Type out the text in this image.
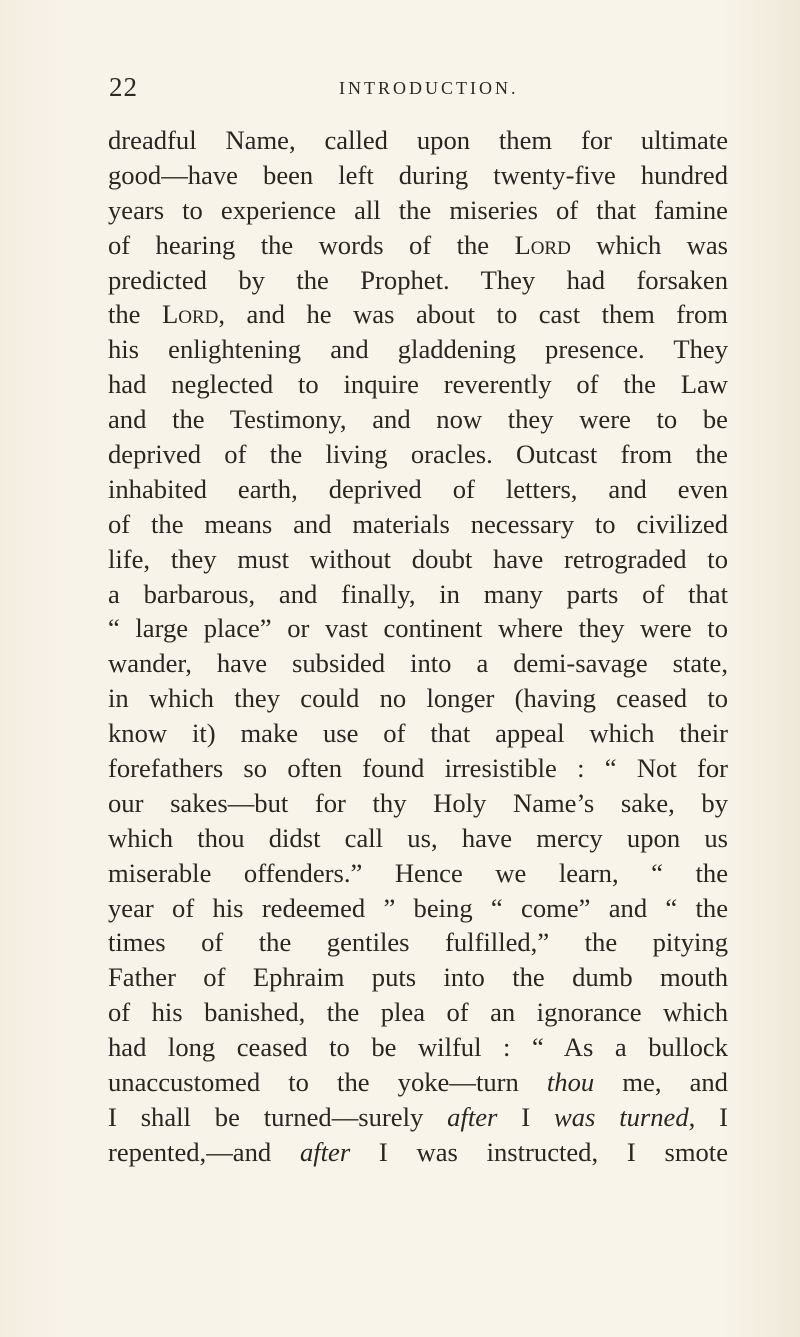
22	INTRODUCTION.
dreadful Name, called upon them for ultimate
good—have been left during twenty-five hundred
years to experience all the miseries of that famine
of hearing the words of the Lord which was
predicted by the Prophet. They had forsaken
the Lord, and he was about to cast them from
his enlightening and gladdening presence. They
had neglected to inquire reverently of the Law
and the Testimony, and now they were to be
deprived of the living oracles. Outcast from the
inhabited earth, deprived of letters, and even
of the means and materials necessary to civilized
life, they must without doubt have retrograded to
a barbarous, and finally, in many parts of that
“ large place” or vast continent where they were to
wander, have subsided into a demi-savage state,
in which they could no longer (having ceased to
know it) make use of that appeal which their
forefathers so often found irresistible : “ Not for
our sakes—but for thy Holy Name’s sake, by
which thou didst call us, have mercy upon us
miserable offenders.” Hence we learn, “ the
year of his redeemed ” being “ come” and “ the
times of the gentiles fulfilled,” the pitying
Father of Ephraim puts into the dumb mouth
of his banished, the plea of an ignorance which
had long ceased to be wilful : “ As a bullock
unaccustomed to the yoke—turn thou me, and
I shall be turned—surely after I was turned, I
repented,—and after I was instructed, I smote
